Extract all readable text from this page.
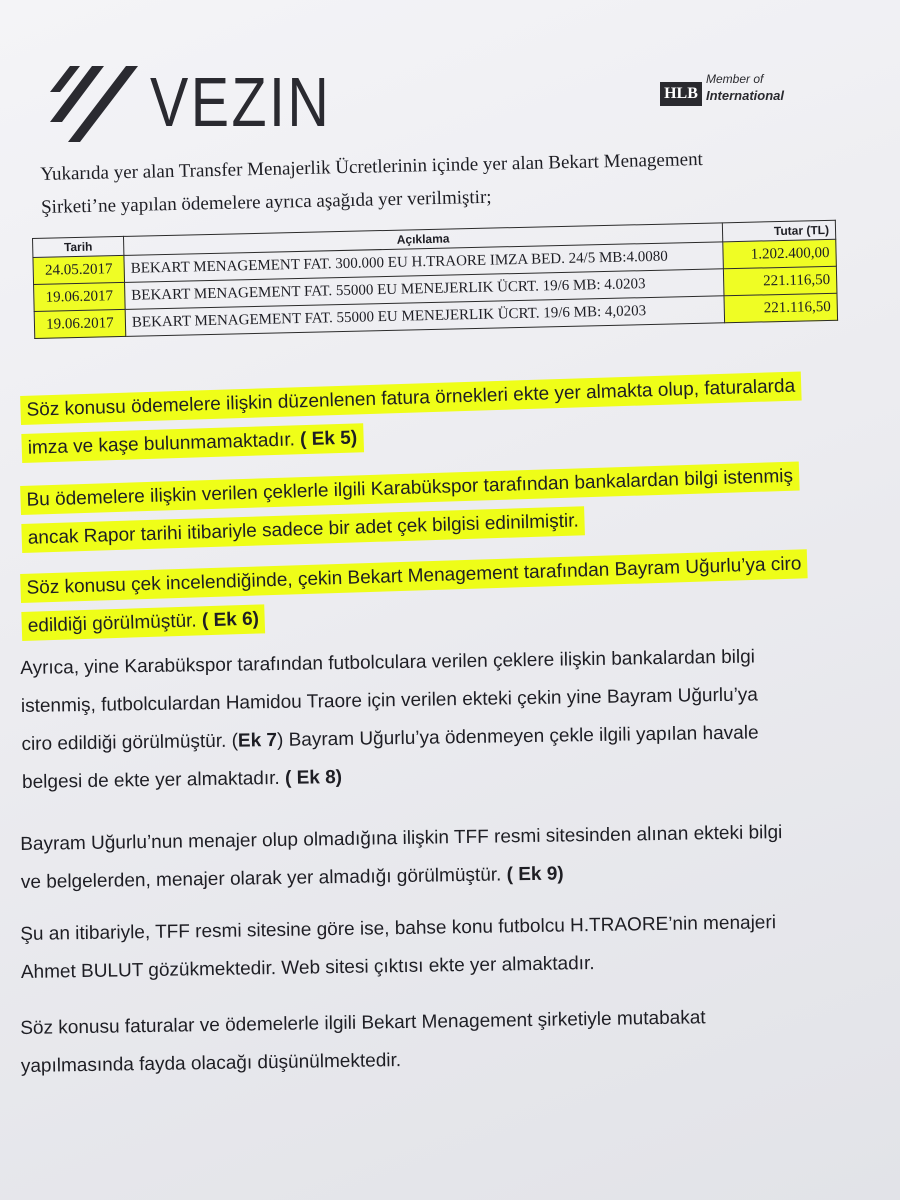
VEZIN	HLB
Member of
International
Yukarıda yer alan Transfer Menajerlik Ücretlerinin içinde yer alan Bekart Menagement
Şirketi’ne yapılan ödemelere ayrıca aşağıda yer verilmiştir;
Tarih	Açıklama	Tutar (TL)
24.05.2017	BEKART MENAGEMENT FAT. 300.000 EU H.TRAORE IMZA BED. 24/5 MB:4.0080	1.202.400,00
19.06.2017	BEKART MENAGEMENT FAT. 55000 EU MENEJERLIK ÜCRT. 19/6 MB: 4.0203	221.116,50
19.06.2017	BEKART MENAGEMENT FAT. 55000 EU MENEJERLIK ÜCRT. 19/6 MB: 4,0203	221.116,50
Söz konusu ödemelere ilişkin düzenlenen fatura örnekleri ekte yer almakta olup, faturalarda
imza ve kaşe bulunmamaktadır. ( Ek 5)
Bu ödemelere ilişkin verilen çeklerle ilgili Karabükspor tarafından bankalardan bilgi istenmiş
ancak Rapor tarihi itibariyle sadece bir adet çek bilgisi edinilmiştir.
Söz konusu çek incelendiğinde, çekin Bekart Menagement tarafından Bayram Uğurlu’ya ciro
edildiği görülmüştür. ( Ek 6)
Ayrıca, yine Karabükspor tarafından futbolculara verilen çeklere ilişkin bankalardan bilgi
istenmiş, futbolculardan Hamidou Traore için verilen ekteki çekin yine Bayram Uğurlu’ya
ciro edildiği görülmüştür. (Ek 7) Bayram Uğurlu’ya ödenmeyen çekle ilgili yapılan havale
belgesi de ekte yer almaktadır. ( Ek 8)
Bayram Uğurlu’nun menajer olup olmadığına ilişkin TFF resmi sitesinden alınan ekteki bilgi
ve belgelerden, menajer olarak yer almadığı görülmüştür. ( Ek 9)
Şu an itibariyle, TFF resmi sitesine göre ise, bahse konu futbolcu H.TRAORE’nin menajeri
Ahmet BULUT gözükmektedir. Web sitesi çıktısı ekte yer almaktadır.
Söz konusu faturalar ve ödemelerle ilgili Bekart Menagement şirketiyle mutabakat
yapılmasında fayda olacağı düşünülmektedir.
